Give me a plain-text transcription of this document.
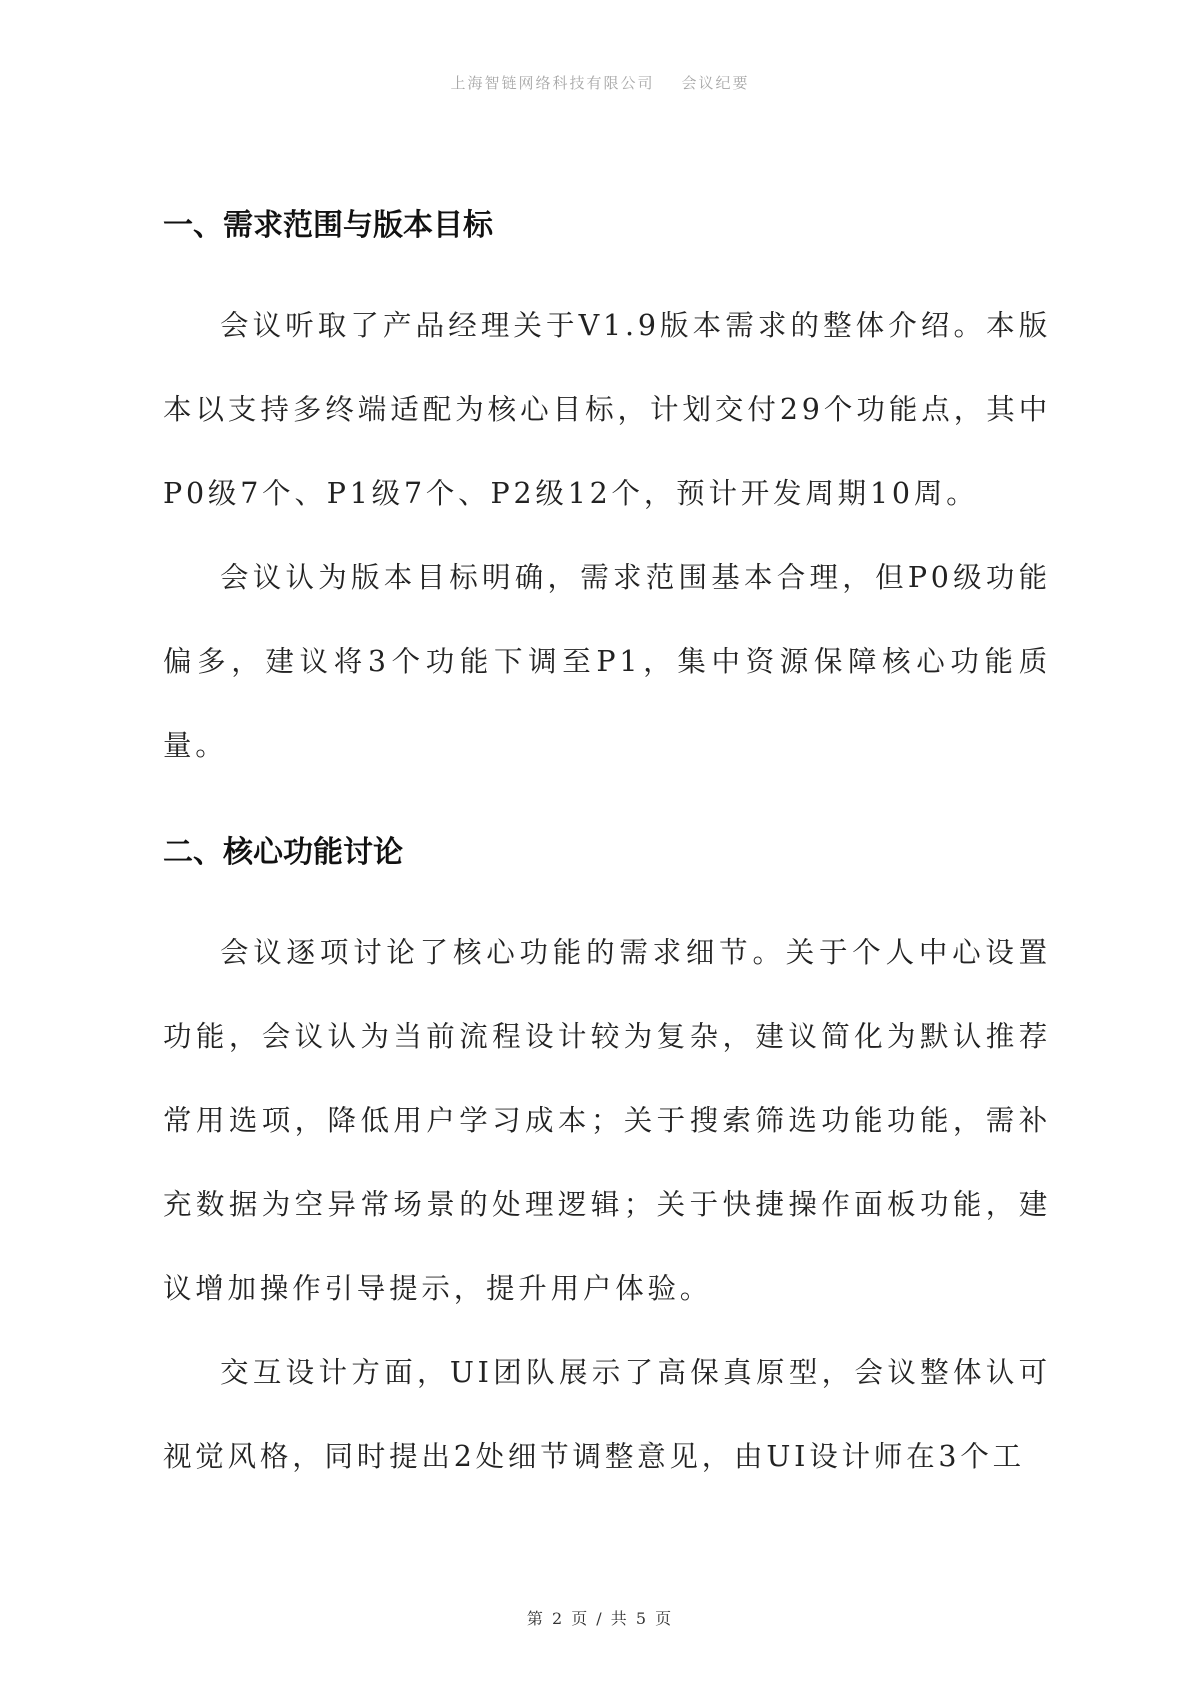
上海智链网络科技有限公司    会议纪要
一、需求范围与版本目标

会议听取了产品经理关于V1.9版本需求的整体介绍。本版本以支持多终端适配为核心目标，计划交付29个功能点，其中P0级7个、P1级7个、P2级12个，预计开发周期10周。

会议认为版本目标明确，需求范围基本合理，但P0级功能偏多，建议将3个功能下调至P1，集中资源保障核心功能质量。

二、核心功能讨论

会议逐项讨论了核心功能的需求细节。关于个人中心设置功能，会议认为当前流程设计较为复杂，建议简化为默认推荐常用选项，降低用户学习成本；关于搜索筛选功能功能，需补充数据为空异常场景的处理逻辑；关于快捷操作面板功能，建议增加操作引导提示，提升用户体验。

交互设计方面，UI团队展示了高保真原型，会议整体认可视觉风格，同时提出2处细节调整意见，由UI设计师在3个工

第 2 页 / 共 5 页
